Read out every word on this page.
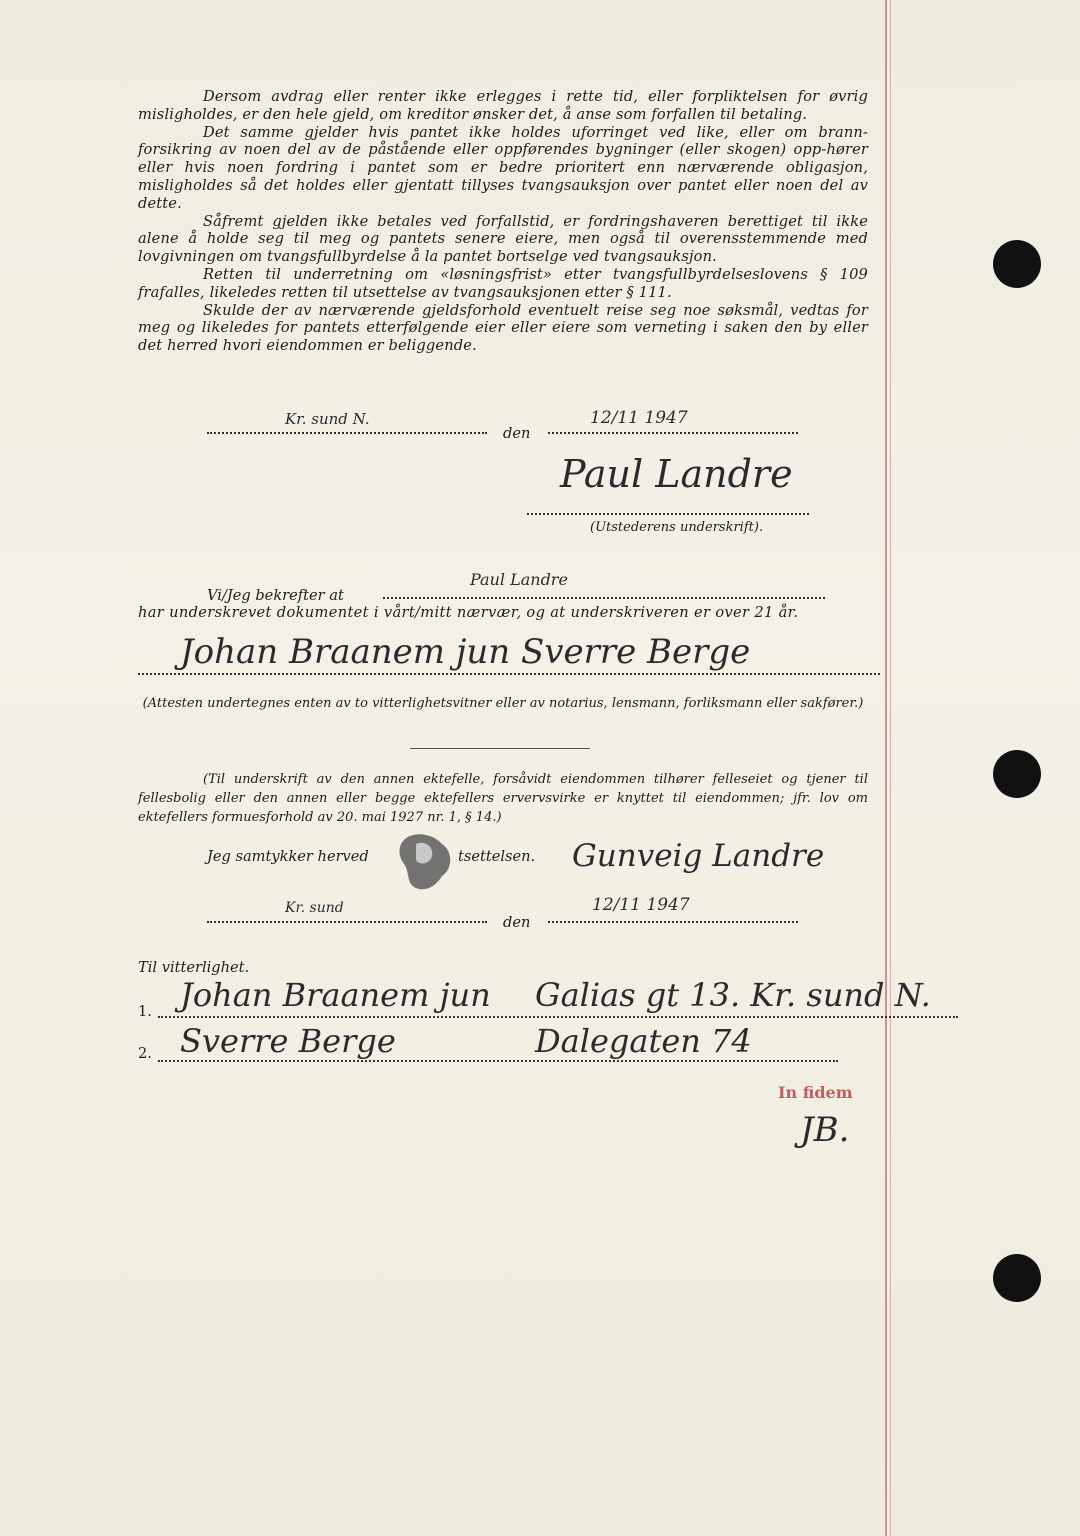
Dersom avdrag eller renter ikke erlegges i rette tid, eller forpliktelsen for øvrig misligholdes, er den hele gjeld, om kreditor ønsker det, å anse som forfallen til betaling.

Det samme gjelder hvis pantet ikke holdes uforringet ved like, eller om brann-forsikring av noen del av de påstående eller oppførendes bygninger (eller skogen) opp-hører eller hvis noen fordring i pantet som er bedre prioritert enn nærværende obligasjon, misligholdes så det holdes eller gjentatt tillyses tvangsauksjon over pantet eller noen del av dette.

Såfremt gjelden ikke betales ved forfallstid, er fordringshaveren berettiget til ikke alene å holde seg til meg og pantets senere eiere, men også til overensstemmende med lovgivningen om tvangsfullbyrdelse å la pantet bortselge ved tvangsauksjon.

Retten til underretning om «løsningsfrist» etter tvangsfullbyrdelseslovens § 109 frafalles, likeledes retten til utsettelse av tvangsauksjonen etter § 111.

Skulde der av nærværende gjeldsforhold eventuelt reise seg noe søksmål, vedtas for meg og likeledes for pantets etterfølgende eier eller eiere som verneting i saken den by eller det herred hvori eiendommen er beliggende.

Kr. sund N.
den
12/11 1947
Paul Landre
(Utstederens underskrift).
Vi/Jeg bekrefter at
Paul Landre
har underskrevet dokumentet i vårt/mitt nærvær, og at underskriveren er over 21 år.
Johan Braanem jun Sverre Berge
(Attesten undertegnes enten av to vitterlighetsvitner eller av notarius, lensmann, forliksmann eller sakfører.)
(Til underskrift av den annen ektefelle, forsåvidt eiendommen tilhører felleseiet og tjener til fellesbolig eller den annen eller begge ektefellers ervervsvirke er knyttet til eiendommen; jfr. lov om ektefellers formuesforhold av 20. mai 1927 nr. 1, § 14.)
Jeg samtykker herved	tsettelsen. Gunveig Landre
Kr. sund
den
12/11 1947
Til vitterlighet.
1. Johan Braanem jun Galias gt 13. Kr. sund N.
2. Sverre Berge	Dalegaten 74
In fidem
JB.
